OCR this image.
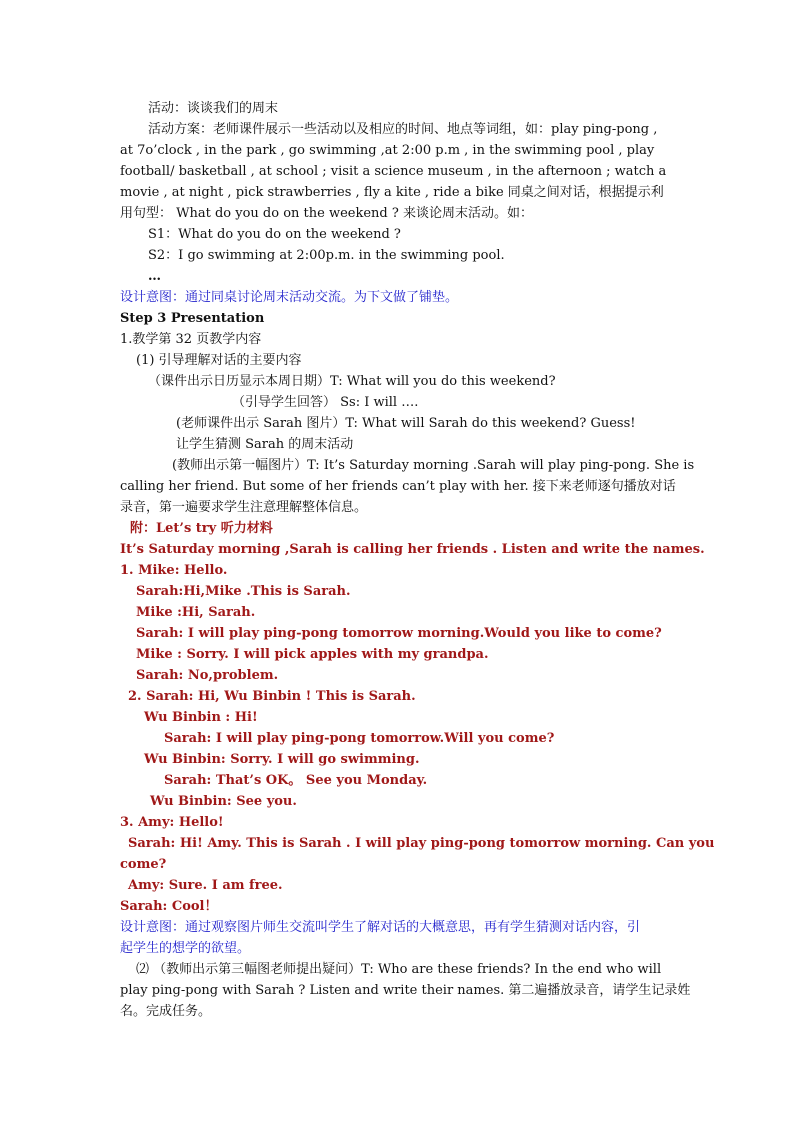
活动：谈谈我们的周末
活动方案：老师课件展示一些活动以及相应的时间、地点等词组，如：play ping-pong ,
at 7o’clock , in the park , go swimming ,at 2:00 p.m , in the swimming pool , play
football/ basketball , at school ; visit a science museum , in the afternoon ; watch a
movie , at night , pick strawberries , fly a kite , ride a bike 同桌之间对话，根据提示利
用句型： What do you do on the weekend ? 来谈论周末活动。如：
S1：What do you do on the weekend ?
S2：I go swimming at 2:00p.m. in the swimming pool.
…
设计意图：通过同桌讨论周末活动交流。为下文做了铺垫。
Step 3 Presentation
1.教学第 32 页教学内容
(1) 引导理解对话的主要内容
（课件出示日历显示本周日期）T: What will you do this weekend?
（引导学生回答） Ss: I will ….
(老师课件出示 Sarah 图片）T: What will Sarah do this weekend? Guess!
让学生猜测 Sarah 的周末活动
(教师出示第一幅图片）T: It’s Saturday morning .Sarah will play ping-pong. She is
calling her friend. But some of her friends can’t play with her. 接下来老师逐句播放对话
录音，第一遍要求学生注意理解整体信息。
附：Let’s try 听力材料
It’s Saturday morning ,Sarah is calling her friends . Listen and write the names.
1. Mike: Hello.
Sarah:Hi,Mike .This is Sarah.
Mike :Hi, Sarah.
Sarah: I will play ping-pong tomorrow morning.Would you like to come?
Mike : Sorry. I will pick apples with my grandpa.
Sarah: No,problem.
2. Sarah: Hi, Wu Binbin ! This is Sarah.
Wu Binbin : Hi!
Sarah: I will play ping-pong tomorrow.Will you come?
Wu Binbin: Sorry. I will go swimming.
Sarah: That’s OK。 See you Monday.
Wu Binbin: See you.
3. Amy: Hello!
Sarah: Hi! Amy. This is Sarah . I will play ping-pong tomorrow morning. Can you
come?
Amy: Sure. I am free.
Sarah: Cool！
设计意图：通过观察图片师生交流叫学生了解对话的大概意思，再有学生猜测对话内容，引
起学生的想学的欲望。
⑵ （教师出示第三幅图老师提出疑问）T: Who are these friends? In the end who will
play ping-pong with Sarah ? Listen and write their names. 第二遍播放录音，请学生记录姓
名。完成任务。
